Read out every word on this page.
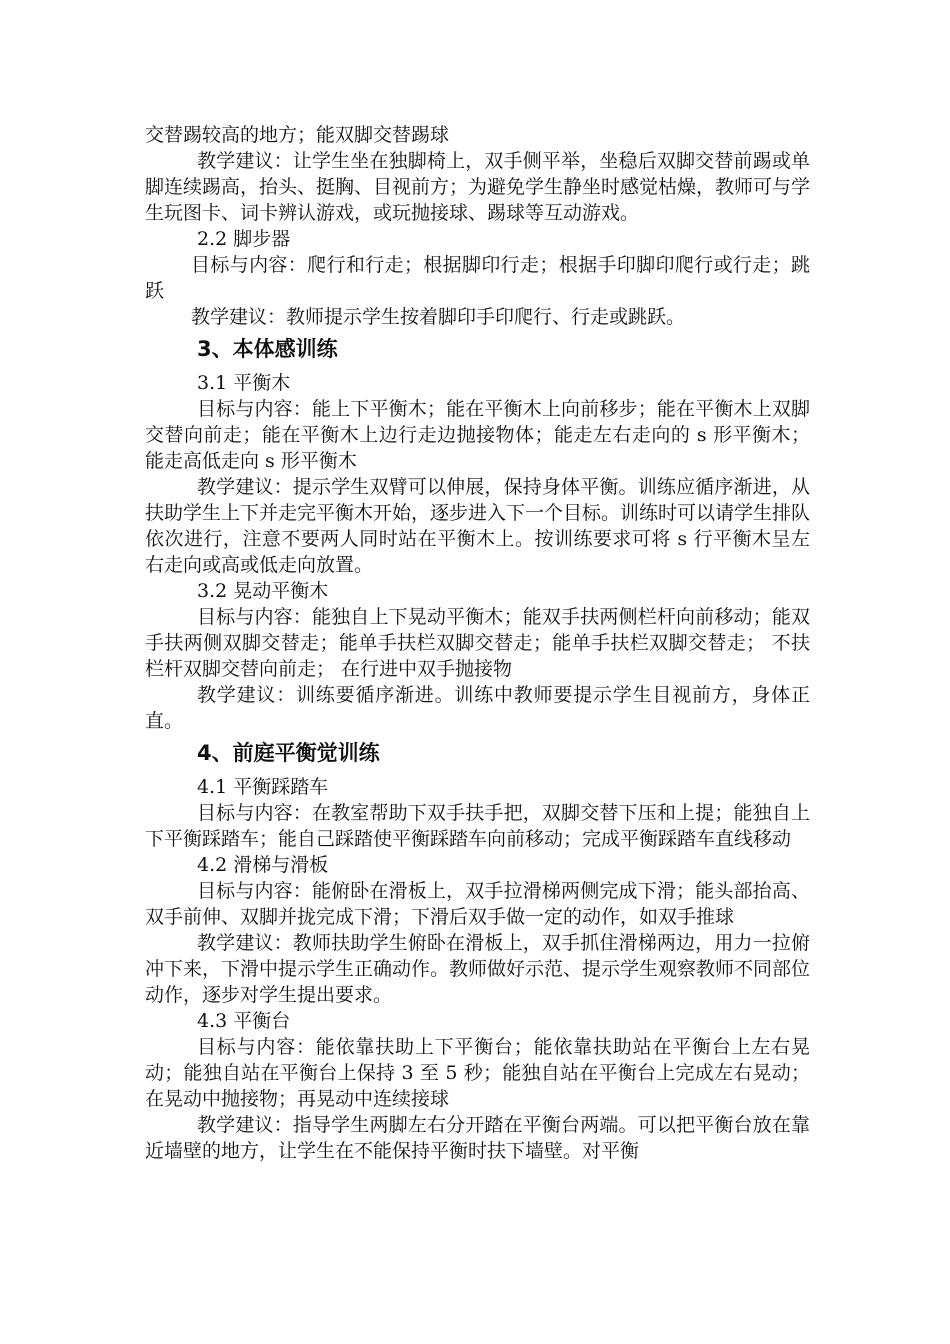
交替踢较高的地方；能双脚交替踢球

教学建议：让学生坐在独脚椅上，双手侧平举，坐稳后双脚交替前踢或单脚连续踢高，抬头、挺胸、目视前方；为避免学生静坐时感觉枯燥，教师可与学生玩图卡、词卡辨认游戏，或玩抛接球、踢球等互动游戏。

2.2 脚步器

目标与内容：爬行和行走；根据脚印行走；根据手印脚印爬行或行走；跳跃

教学建议：教师提示学生按着脚印手印爬行、行走或跳跃。

3、本体感训练

3.1 平衡木

目标与内容：能上下平衡木；能在平衡木上向前移步；能在平衡木上双脚交替向前走；能在平衡木上边行走边抛接物体；能走左右走向的 s 形平衡木；能走高低走向 s 形平衡木

教学建议：提示学生双臂可以伸展，保持身体平衡。训练应循序渐进，从扶助学生上下并走完平衡木开始，逐步进入下一个目标。训练时可以请学生排队依次进行，注意不要两人同时站在平衡木上。按训练要求可将 s 行平衡木呈左右走向或高或低走向放置。

3.2 晃动平衡木

目标与内容：能独自上下晃动平衡木；能双手扶两侧栏杆向前移动；能双手扶两侧双脚交替走；能单手扶栏双脚交替走；能单手扶栏双脚交替走； 不扶栏杆双脚交替向前走； 在行进中双手抛接物

教学建议：训练要循序渐进。训练中教师要提示学生目视前方，身体正直。

4、前庭平衡觉训练

4.1 平衡踩踏车

目标与内容：在教室帮助下双手扶手把，双脚交替下压和上提；能独自上下平衡踩踏车；能自己踩踏使平衡踩踏车向前移动；完成平衡踩踏车直线移动

4.2 滑梯与滑板

目标与内容：能俯卧在滑板上，双手拉滑梯两侧完成下滑；能头部抬高、双手前伸、双脚并拢完成下滑；下滑后双手做一定的动作，如双手推球

教学建议：教师扶助学生俯卧在滑板上，双手抓住滑梯两边，用力一拉俯冲下来，下滑中提示学生正确动作。教师做好示范、提示学生观察教师不同部位动作，逐步对学生提出要求。

4.3 平衡台

目标与内容：能依靠扶助上下平衡台；能依靠扶助站在平衡台上左右晃动；能独自站在平衡台上保持 3 至 5 秒；能独自站在平衡台上完成左右晃动；在晃动中抛接物；再晃动中连续接球

教学建议：指导学生两脚左右分开踏在平衡台两端。可以把平衡台放在靠近墙壁的地方，让学生在不能保持平衡时扶下墙壁。对平衡
